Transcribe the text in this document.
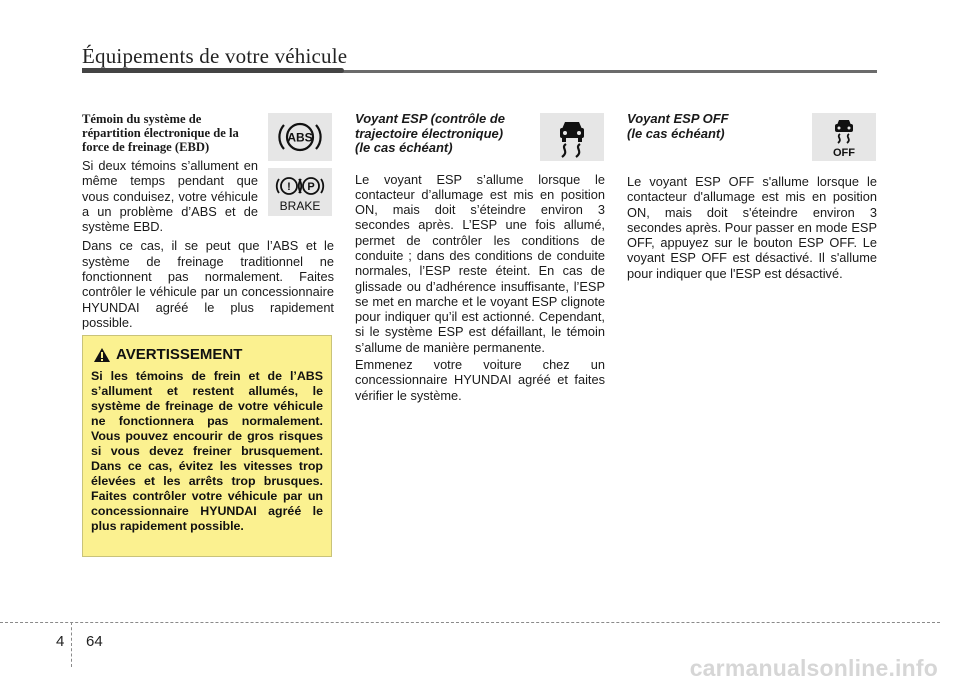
Équipements de votre véhicule
Témoin du système de répartition électronique de la force de freinage (EBD)

Si deux témoins s’allument en même temps pendant que vous conduisez, votre véhicule a un problème d’ABS et de système EBD.

Dans ce cas, il se peut que l’ABS et le système de freinage traditionnel ne fonctionnent pas normalement. Faites contrôler le véhicule par un concessionnaire HYUNDAI agréé le plus rapidement possible.

ABS
! P
BRAKE
AVERTISSEMENT

Si les témoins de frein et de l’ABS s’allument et restent allumés, le système de freinage de votre véhicule ne fonctionnera pas normalement. Vous pouvez encourir de gros risques si vous devez freiner brusquement. Dans ce cas, évitez les vitesses trop élevées et les arrêts trop brusques. Faites contrôler votre véhicule par un concessionnaire HYUNDAI agréé le plus rapidement possible.

Voyant ESP (contrôle de
trajectoire électronique)
(le cas échéant)

Le voyant ESP s’allume lorsque le contacteur d’allumage est mis en position ON, mais doit s’éteindre environ 3 secondes après. L’ESP une fois allumé, permet de contrôler les conditions de conduite ; dans des conditions de conduite normales, l’ESP reste éteint. En cas de glissade ou d’adhérence insuffisante, l’ESP se met en marche et le voyant ESP clignote pour indiquer qu’il est actionné. Cependant, si le système ESP est défaillant, le témoin s’allume de manière permanente.

Emmenez votre voiture chez un concessionnaire HYUNDAI agréé et faites vérifier le système.

Voyant ESP OFF
(le cas échéant)

Le voyant ESP OFF s'allume lorsque le contacteur d'allumage est mis en position ON, mais doit s'éteindre environ 3 secondes après. Pour passer en mode ESP OFF, appuyez sur le bouton ESP OFF. Le voyant ESP OFF est désactivé. Il s'allume pour indiquer que l'ESP est désactivé.

OFF
4 64
carmanualsonline.info
